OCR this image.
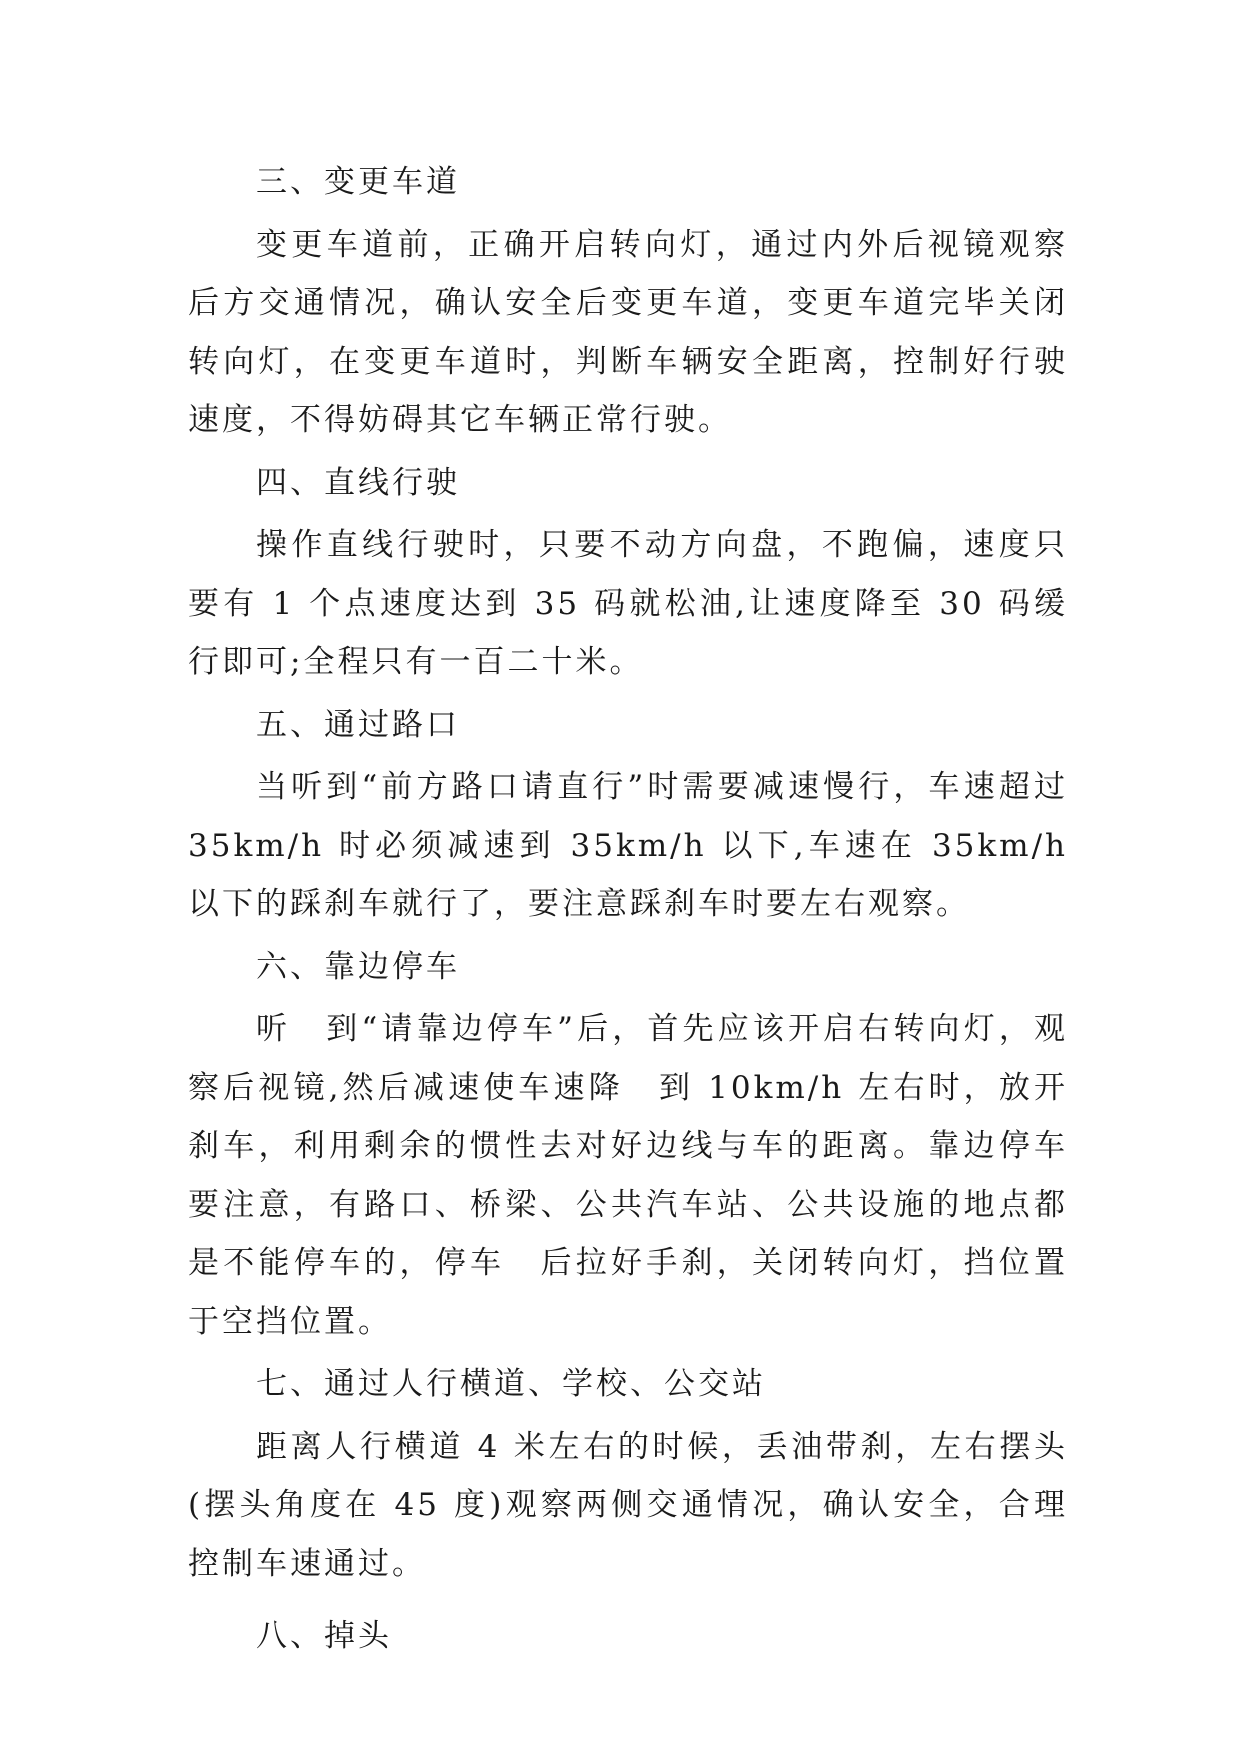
三、变更车道

变更车道前，正确开启转向灯，通过内外后视镜观察后方交通情况，确认安全后变更车道，变更车道完毕关闭转向灯，在变更车道时，判断车辆安全距离，控制好行驶速度，不得妨碍其它车辆正常行驶。

四、直线行驶

操作直线行驶时，只要不动方向盘，不跑偏，速度只要有 1 个点速度达到 35 码就松油,让速度降至 30 码缓行即可;全程只有一百二十米。

五、通过路口

当听到“前方路口请直行”时需要减速慢行，车速超过35km/h 时必须减速到 35km/h 以下,车速在 35km/h 以下的踩刹车就行了，要注意踩刹车时要左右观察。

六、靠边停车

听　到“请靠边停车”后，首先应该开启右转向灯，观察后视镜,然后减速使车速降　到 10km/h 左右时，放开刹车，利用剩余的惯性去对好边线与车的距离。靠边停车要注意，有路口、桥梁、公共汽车站、公共设施的地点都是不能停车的，停车　后拉好手刹，关闭转向灯，挡位置于空挡位置。

七、通过人行横道、学校、公交站

距离人行横道 4 米左右的时候，丢油带刹，左右摆头(摆头角度在 45 度)观察两侧交通情况，确认安全，合理控制车速通过。

八、掉头
